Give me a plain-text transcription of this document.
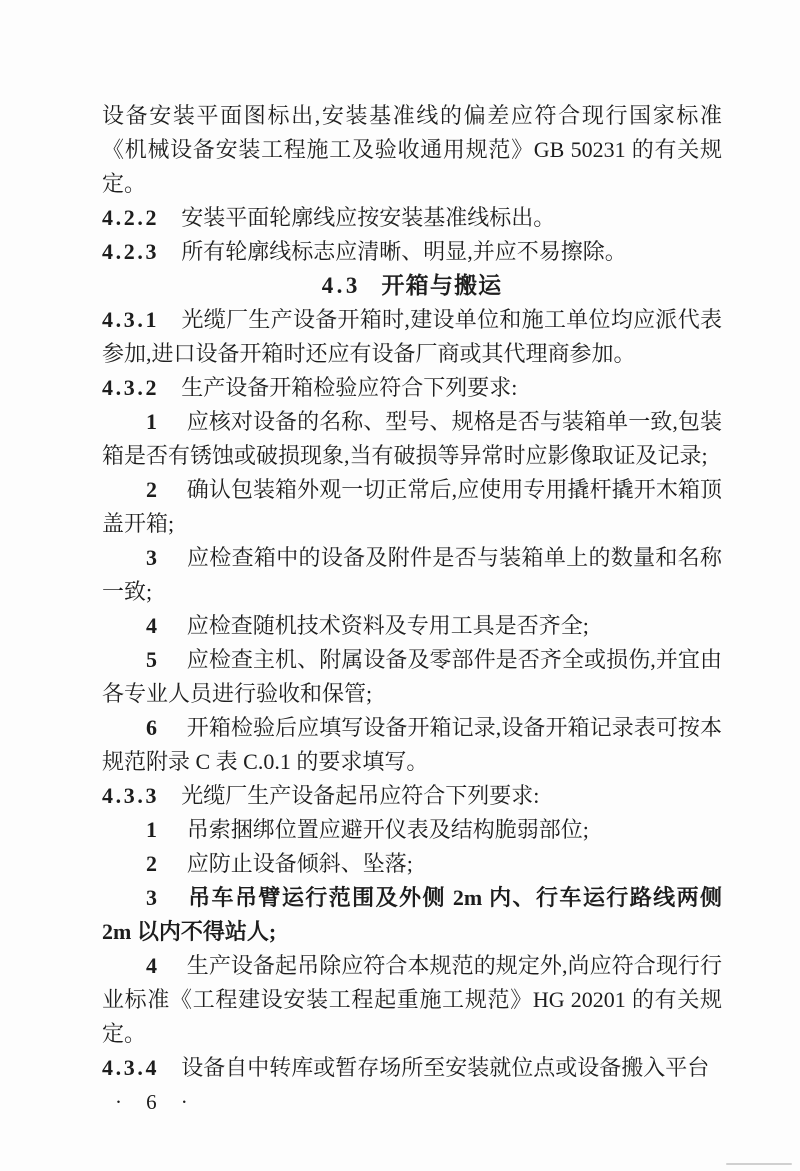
设备安装平面图标出,安装基准线的偏差应符合现行国家标准《机械设备安装工程施工及验收通用规范》GB 50231 的有关规定。

4.2.2 安装平面轮廓线应按安装基准线标出。

4.2.3 所有轮廓线标志应清晰、明显,并应不易擦除。

4.3 开箱与搬运

4.3.1 光缆厂生产设备开箱时,建设单位和施工单位均应派代表参加,进口设备开箱时还应有设备厂商或其代理商参加。

4.3.2 生产设备开箱检验应符合下列要求:

1 应核对设备的名称、型号、规格是否与装箱单一致,包装箱是否有锈蚀或破损现象,当有破损等异常时应影像取证及记录;

2 确认包装箱外观一切正常后,应使用专用撬杆撬开木箱顶盖开箱;

3 应检查箱中的设备及附件是否与装箱单上的数量和名称一致;

4 应检查随机技术资料及专用工具是否齐全;

5 应检查主机、附属设备及零部件是否齐全或损伤,并宜由各专业人员进行验收和保管;

6 开箱检验后应填写设备开箱记录,设备开箱记录表可按本规范附录 C 表 C.0.1 的要求填写。

4.3.3 光缆厂生产设备起吊应符合下列要求:

1 吊索捆绑位置应避开仪表及结构脆弱部位;

2 应防止设备倾斜、坠落;

3 吊车吊臂运行范围及外侧 2m 内、行车运行路线两侧 2m 以内不得站人;

4 生产设备起吊除应符合本规范的规定外,尚应符合现行行业标准《工程建设安装工程起重施工规范》HG 20201 的有关规定。

4.3.4 设备自中转库或暂存场所至安装就位点或设备搬入平台

· 6 ·
